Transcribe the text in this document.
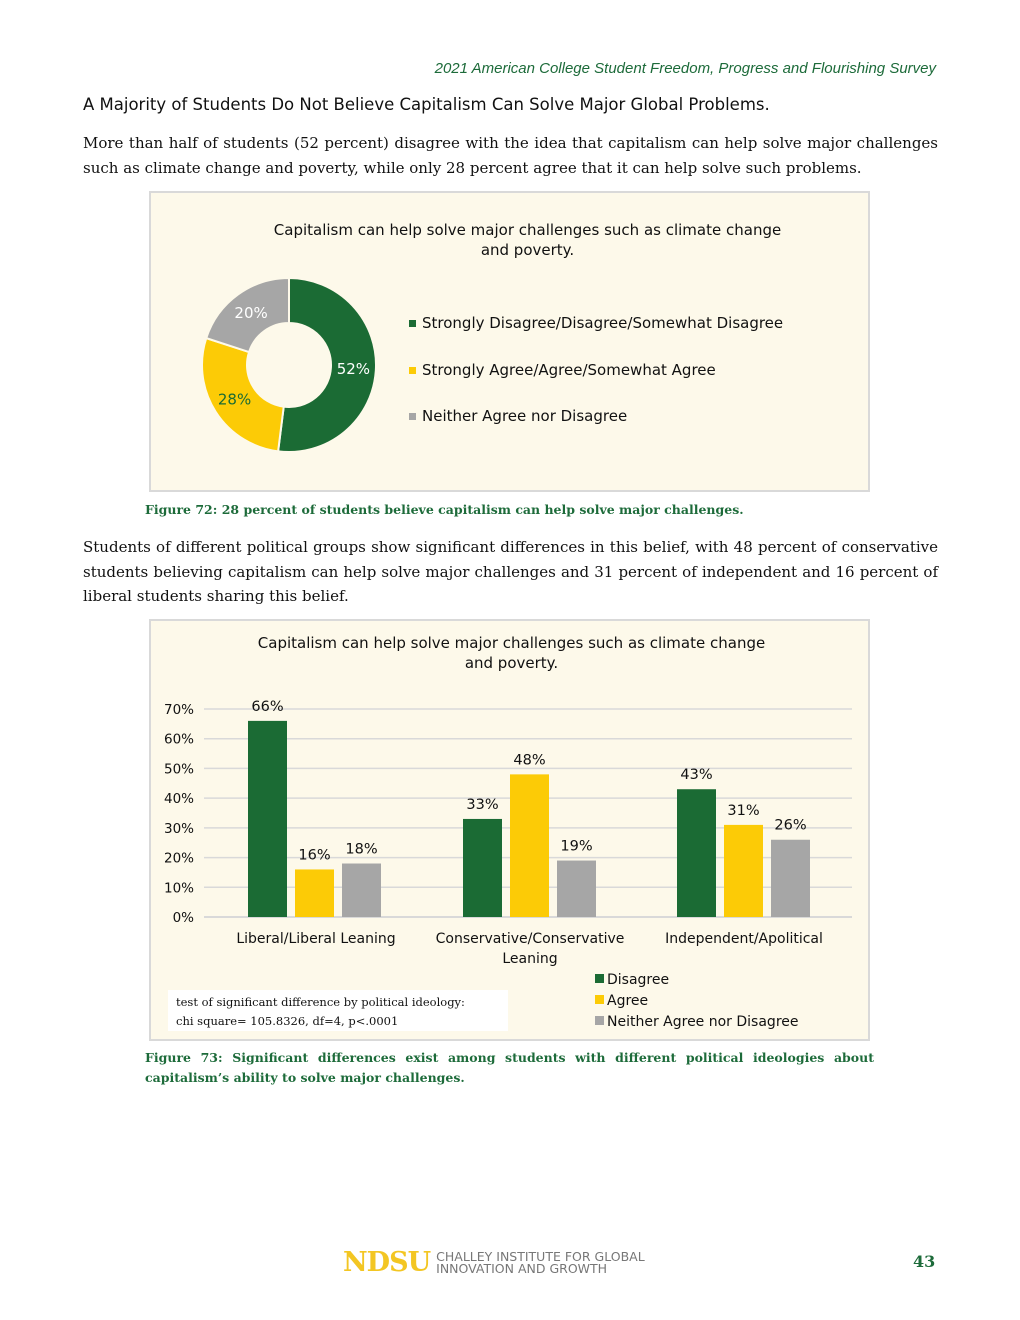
2021 American College Student Freedom, Progress and Flourishing Survey
A Majority of Students Do Not Believe Capitalism Can Solve Major Global Problems.
More than half of students (52 percent) disagree with the idea that capitalism can help solve major challenges such as climate change and poverty, while only 28 percent agree that it can help solve such problems.
Capitalism can help solve major challenges such as climate change
and poverty.
52%
28%
20%
Strongly Disagree/Disagree/Somewhat Disagree
Strongly Agree/Agree/Somewhat Agree
Neither Agree nor Disagree
Figure 72: 28 percent of students believe capitalism can help solve major challenges.
Students of different political groups show significant differences in this belief, with 48 percent of conservative students believing capitalism can help solve major challenges and 31 percent of independent and 16 percent of liberal students sharing this belief.
Capitalism can help solve major challenges such as climate change
and poverty.
0%
10%
20%
30%
40%
50%
60%
70%	66%
33%
43%
16%
48%
31%
18%	19%
26%
Liberal/Liberal Leaning	Conservative/Conservative
Leaning
Independent/Apolitical
Disagree
Agree
Neither Agree nor Disagree
test of significant difference by political ideology:
chi square= 105.8326, df=4, p<.0001
Figure 73: Significant differences exist among students with different political ideologies about capitalism’s ability to solve major challenges.
NDSU CHALLEY INSTITUTE FOR GLOBAL
INNOVATION AND GROWTH	43
